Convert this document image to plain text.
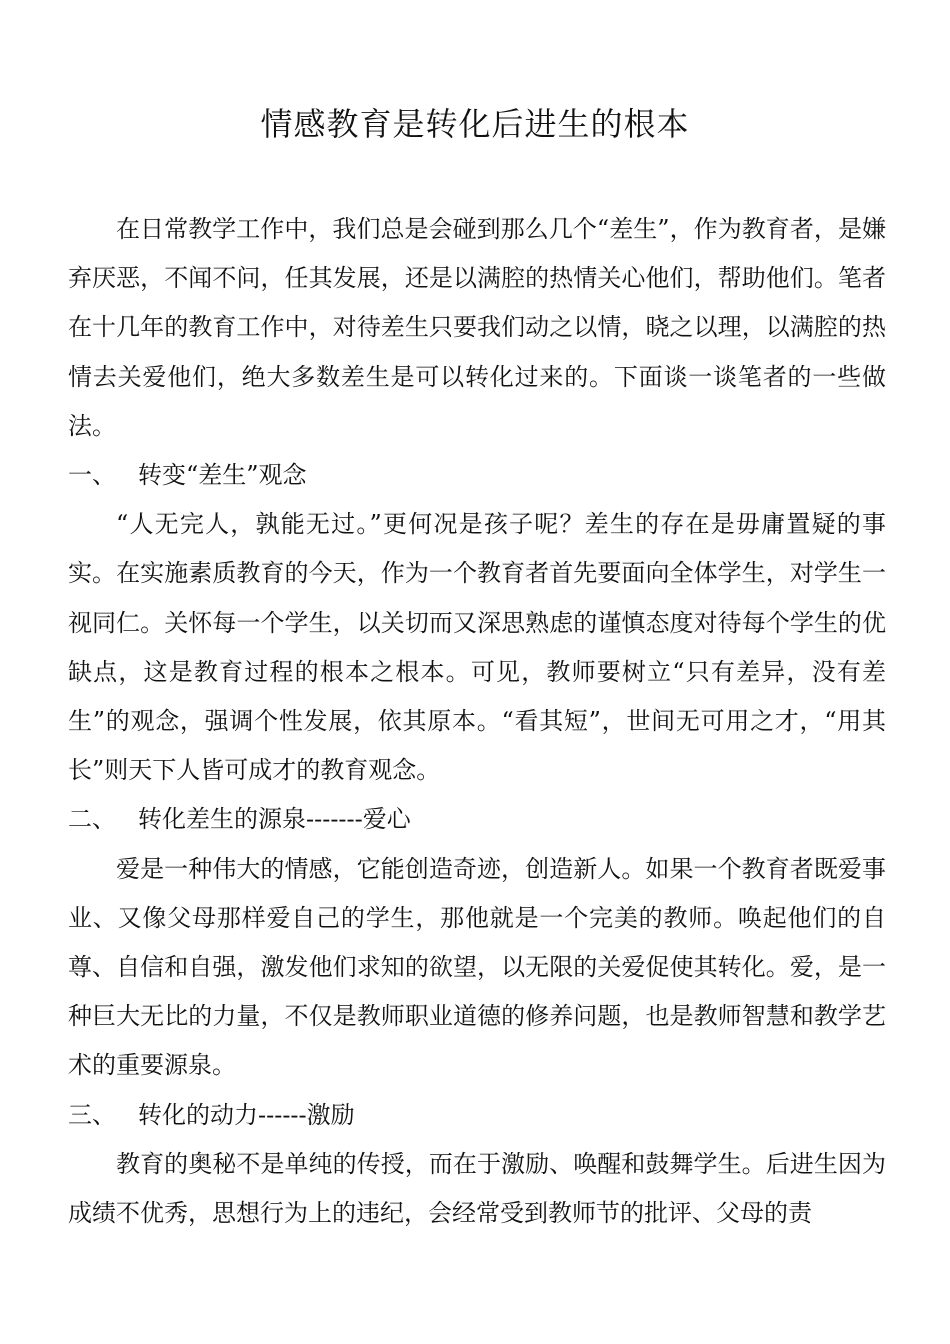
情感教育是转化后进生的根本

在日常教学工作中，我们总是会碰到那么几个“差生”，作为教育者，是嫌弃厌恶，不闻不问，任其发展，还是以满腔的热情关心他们，帮助他们。笔者在十几年的教育工作中，对待差生只要我们动之以情，晓之以理，以满腔的热情去关爱他们，绝大多数差生是可以转化过来的。下面谈一谈笔者的一些做法。

一、 转变“差生”观念

“人无完人，孰能无过。”更何况是孩子呢？差生的存在是毋庸置疑的事实。在实施素质教育的今天，作为一个教育者首先要面向全体学生，对学生一视同仁。关怀每一个学生，以关切而又深思熟虑的谨慎态度对待每个学生的优缺点，这是教育过程的根本之根本。可见，教师要树立“只有差异，没有差生”的观念，强调个性发展，依其原本。“看其短”，世间无可用之才，“用其长”则天下人皆可成才的教育观念。

二、 转化差生的源泉-------爱心

爱是一种伟大的情感，它能创造奇迹，创造新人。如果一个教育者既爱事业、又像父母那样爱自己的学生，那他就是一个完美的教师。唤起他们的自尊、自信和自强，激发他们求知的欲望，以无限的关爱促使其转化。爱，是一种巨大无比的力量，不仅是教师职业道德的修养问题，也是教师智慧和教学艺术的重要源泉。

三、 转化的动力------激励

教育的奥秘不是单纯的传授，而在于激励、唤醒和鼓舞学生。后进生因为成绩不优秀，思想行为上的违纪，会经常受到教师节的批评、父母的责
